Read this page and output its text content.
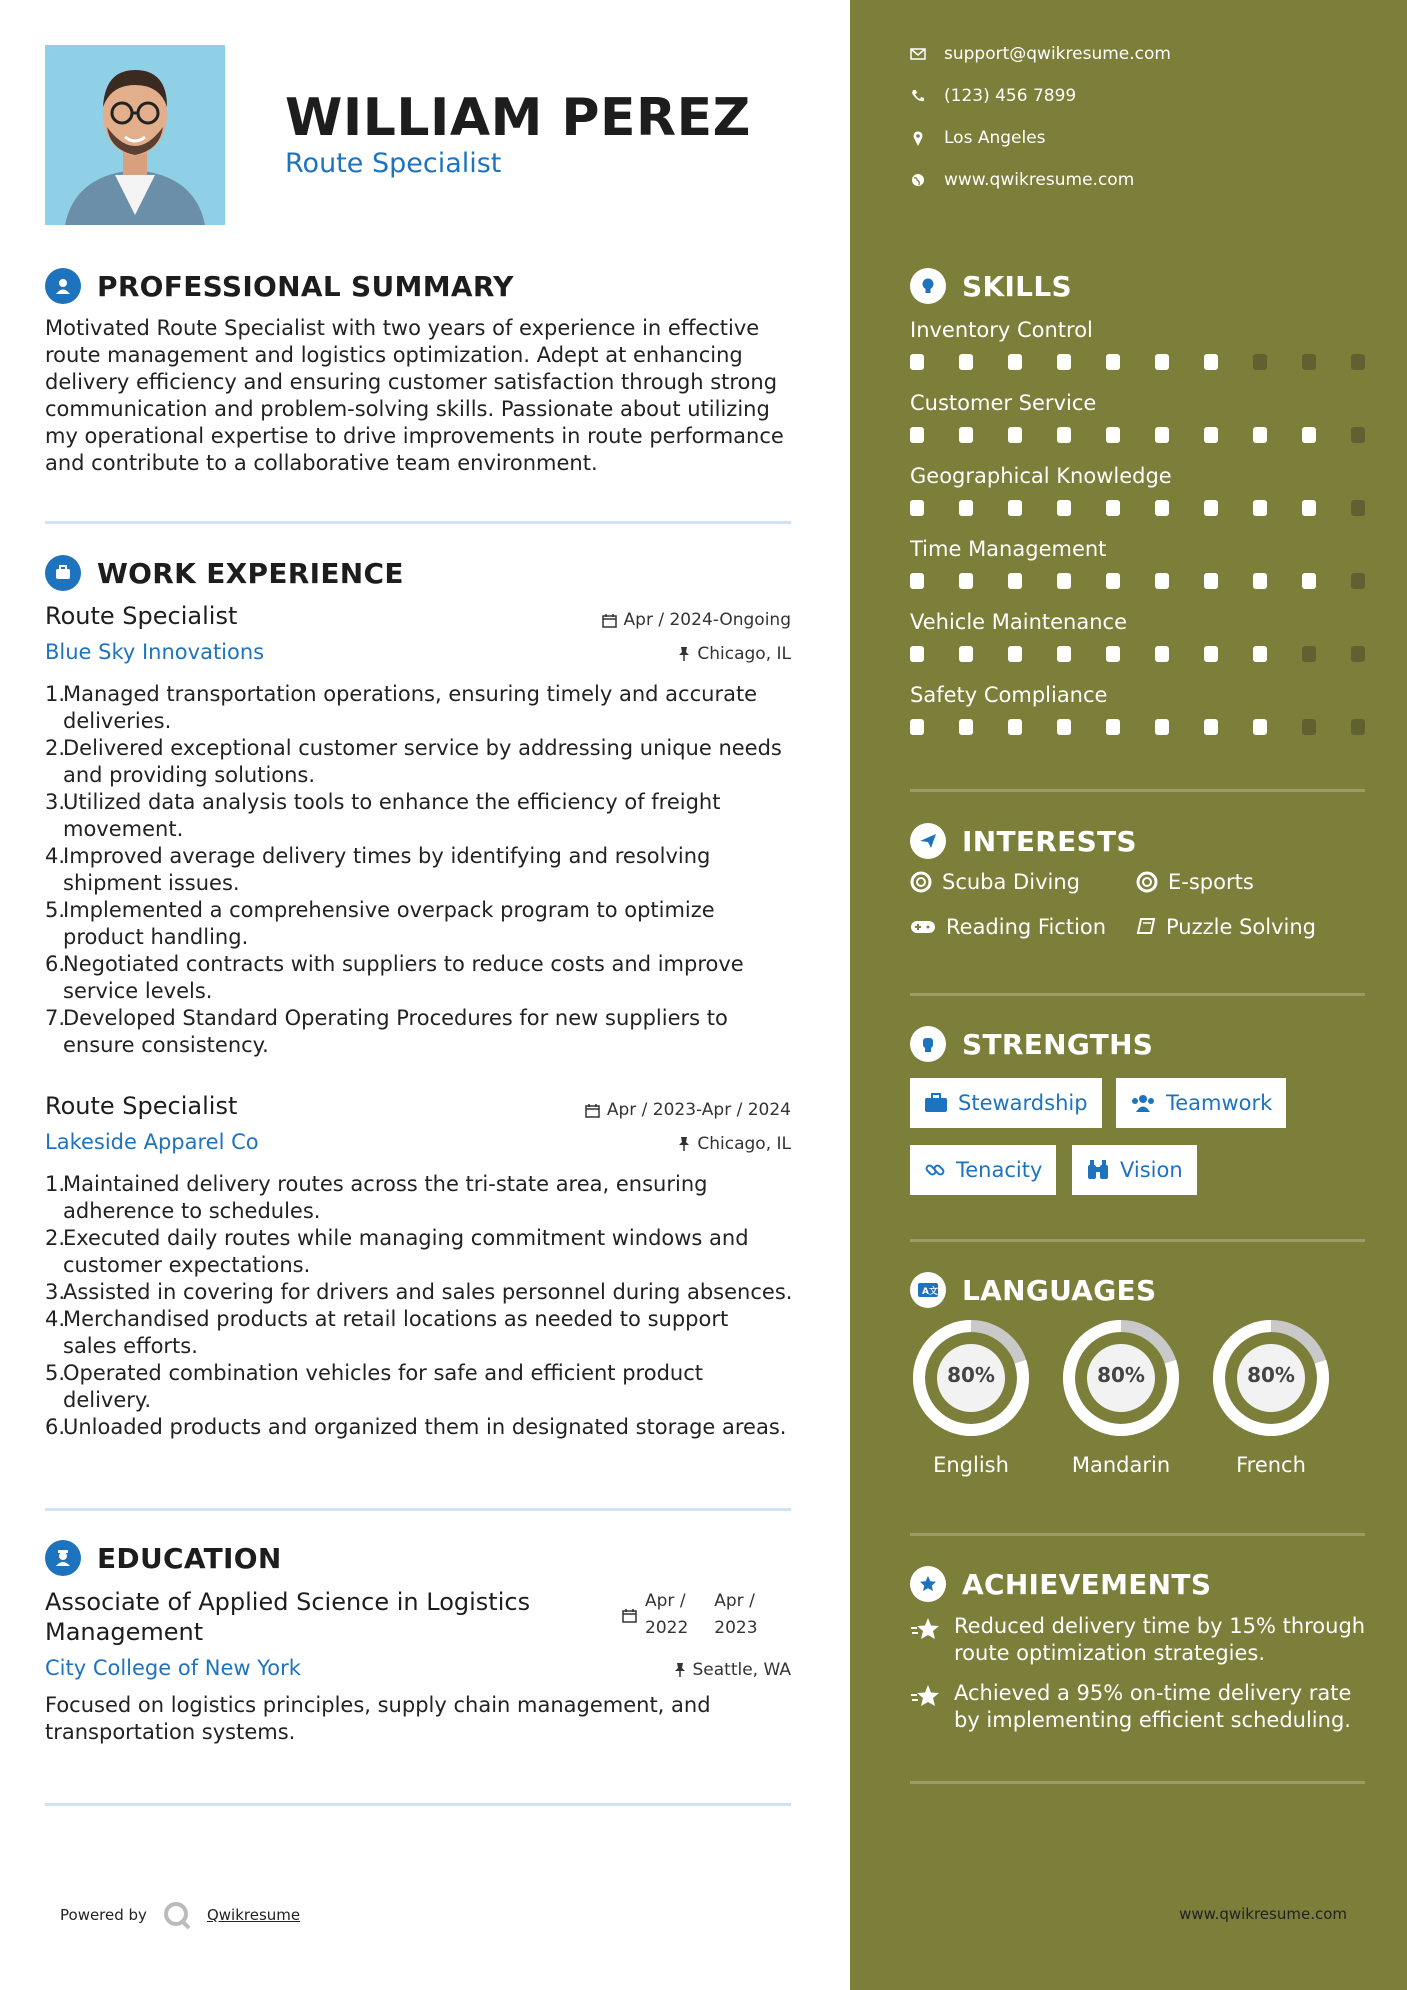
WILLIAM PEREZ
Route Specialist
PROFESSIONAL SUMMARY
Motivated Route Specialist with two years of experience in effective route management and logistics optimization. Adept at enhancing delivery efficiency and ensuring customer satisfaction through strong communication and problem-solving skills. Passionate about utilizing my operational expertise to drive improvements in route performance and contribute to a collaborative team environment.
WORK EXPERIENCE
Route Specialist	Apr / 2024-Ongoing
Blue Sky Innovations	Chicago, IL
1.
Managed transportation operations, ensuring timely and accurate
deliveries.
2.
Delivered exceptional customer service by addressing unique needs
and providing solutions.
3.
Utilized data analysis tools to enhance the efficiency of freight
movement.
4.
Improved average delivery times by identifying and resolving
shipment issues.
5.
Implemented a comprehensive overpack program to optimize
product handling.
6.
Negotiated contracts with suppliers to reduce costs and improve
service levels.
7.
Developed Standard Operating Procedures for new suppliers to
ensure consistency.
Route Specialist	Apr / 2023-Apr / 2024
Lakeside Apparel Co	Chicago, IL
1.
Maintained delivery routes across the tri-state area, ensuring
adherence to schedules.
2.
Executed daily routes while managing commitment windows and
customer expectations.
3.
Assisted in covering for drivers and sales personnel during absences.
4.
Merchandised products at retail locations as needed to support
sales efforts.
5.
Operated combination vehicles for safe and efficient product
delivery.
6.
Unloaded products and organized them in designated storage areas.
EDUCATION
Associate of Applied Science in Logistics
Management
Apr /
2022
Apr /
2023
City College of New York	Seattle, WA
Focused on logistics principles, supply chain management, and transportation systems.
Powered by	Qwikresume
support@qwikresume.com
(123) 456 7899
Los Angeles
www.qwikresume.com
SKILLS
Inventory Control
Customer Service
Geographical Knowledge
Time Management
Vehicle Maintenance
Safety Compliance
INTERESTS
Scuba Diving	E-sports
Reading Fiction	Puzzle Solving
STRENGTHS
Stewardship	Teamwork
Tenacity	Vision
A 文 LANGUAGES
80%
English
80%
Mandarin
80%
French
ACHIEVEMENTS
Reduced delivery time by 15% through
route optimization strategies.
Achieved a 95% on-time delivery rate
by implementing efficient scheduling.
www.qwikresume.com
